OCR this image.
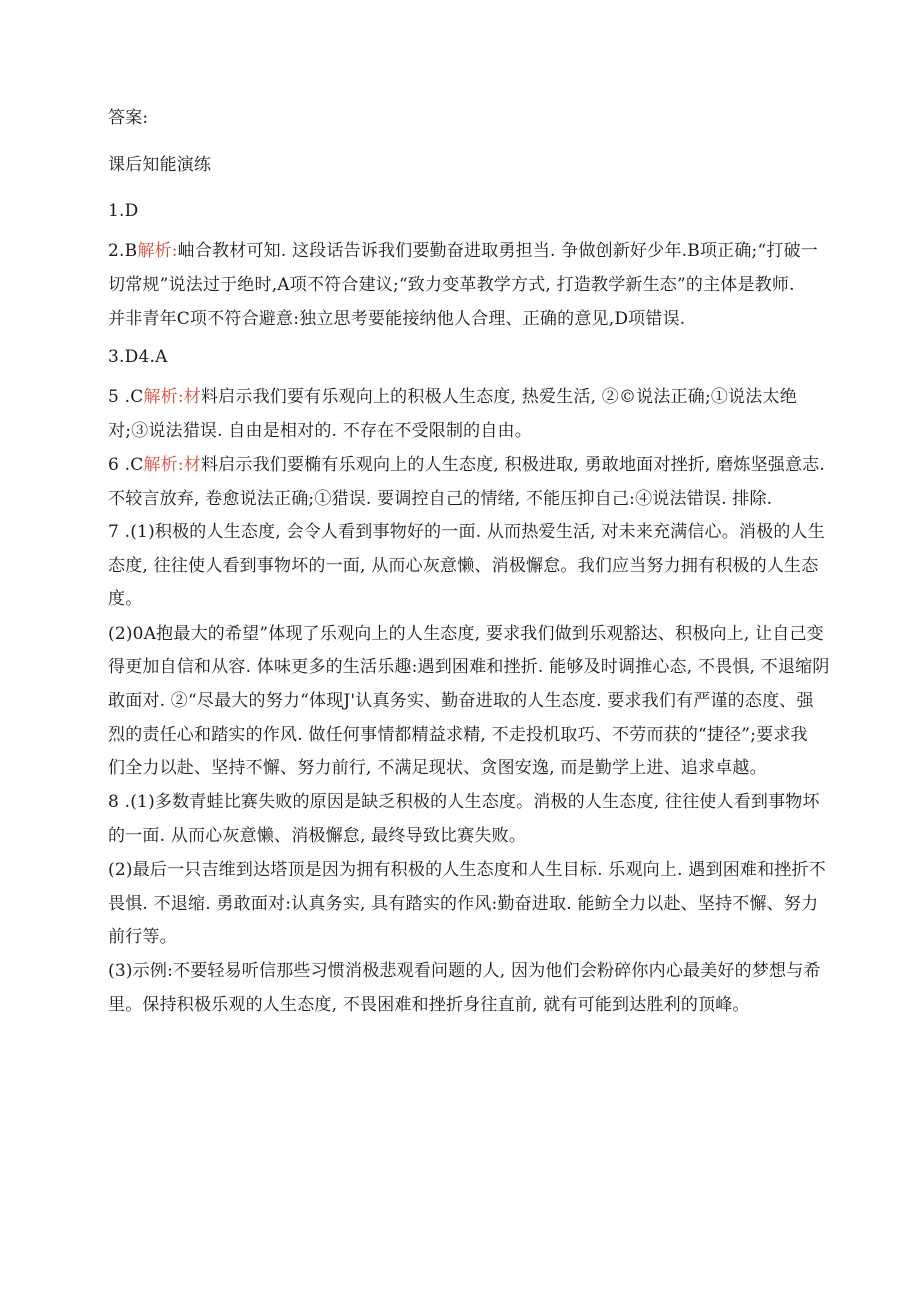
答案:
课后知能演练
1.D
2.B解析:岫合教材可知. 这段话告诉我们要勤奋进取勇担当. 争做创新好少年.B项正确;“打破一
切常规”说法过于绝时,A项不符合建议;“致力变革教学方式, 打造教学新生态”的主体是教师.
并非青年C项不符合避意:独立思考要能接纳他人合理、正确的意见,D项错误.
3.D4.A
5 .C解析:材料启示我们要有乐观向上的积极人生态度, 热爱生活, ②©说法正确;①说法太绝
对;③说法猎误. 自由是相对的. 不存在不受限制的自由。
6 .C解析:材料启示我们要椭有乐观向上的人生态度, 积极进取, 勇敢地面对挫折, 磨炼坚强意志.
不较言放弃, 卷愈说法正确;①猎误. 要调控自己的情绪, 不能压抑自己:④说法错误. 排除.
7 .(1)积极的人生态度, 会令人看到事物好的一面. 从而热爱生活, 对未来充满信心。消极的人生
态度, 往往使人看到事物坏的一面, 从而心灰意懒、消极懈怠。我们应当努力拥有积极的人生态
度。
(2)0A抱最大的希望”体现了乐观向上的人生态度, 要求我们做到乐观豁达、积极向上, 让自己变
得更加自信和从容. 体味更多的生活乐趣:遇到困难和挫折. 能够及时调推心态, 不畏惧, 不退缩阴
敢面对. ②“尽最大的努力“体现J'认真务实、勤奋进取的人生态度. 要求我们有严谨的态度、强
烈的责任心和踏实的作风. 做任何事情都精益求精, 不走投机取巧、不劳而获的“捷径”;要求我
们全力以赴、坚持不懈、努力前行, 不满足现状、贪图安逸, 而是勤学上进、追求卓越。
8 .(1)多数青蛙比赛失败的原因是缺乏积极的人生态度。消极的人生态度, 往往使人看到事物坏
的一面. 从而心灰意懒、消极懈怠, 最终导致比赛失败。
(2)最后一只吉维到达塔顶是因为拥有积极的人生态度和人生目标. 乐观向上. 遇到困难和挫折不
畏惧. 不退缩. 勇敢面对:认真务实, 具有踏实的作风:勤奋进取. 能鲂全力以赴、坚持不懈、努力
前行等。
(3)示例:不要轻易听信那些习惯消极悲观看问题的人, 因为他们会粉碎你内心最美好的梦想与希
里。保持积极乐观的人生态度, 不畏困难和挫折身往直前, 就有可能到达胜利的顶峰。
